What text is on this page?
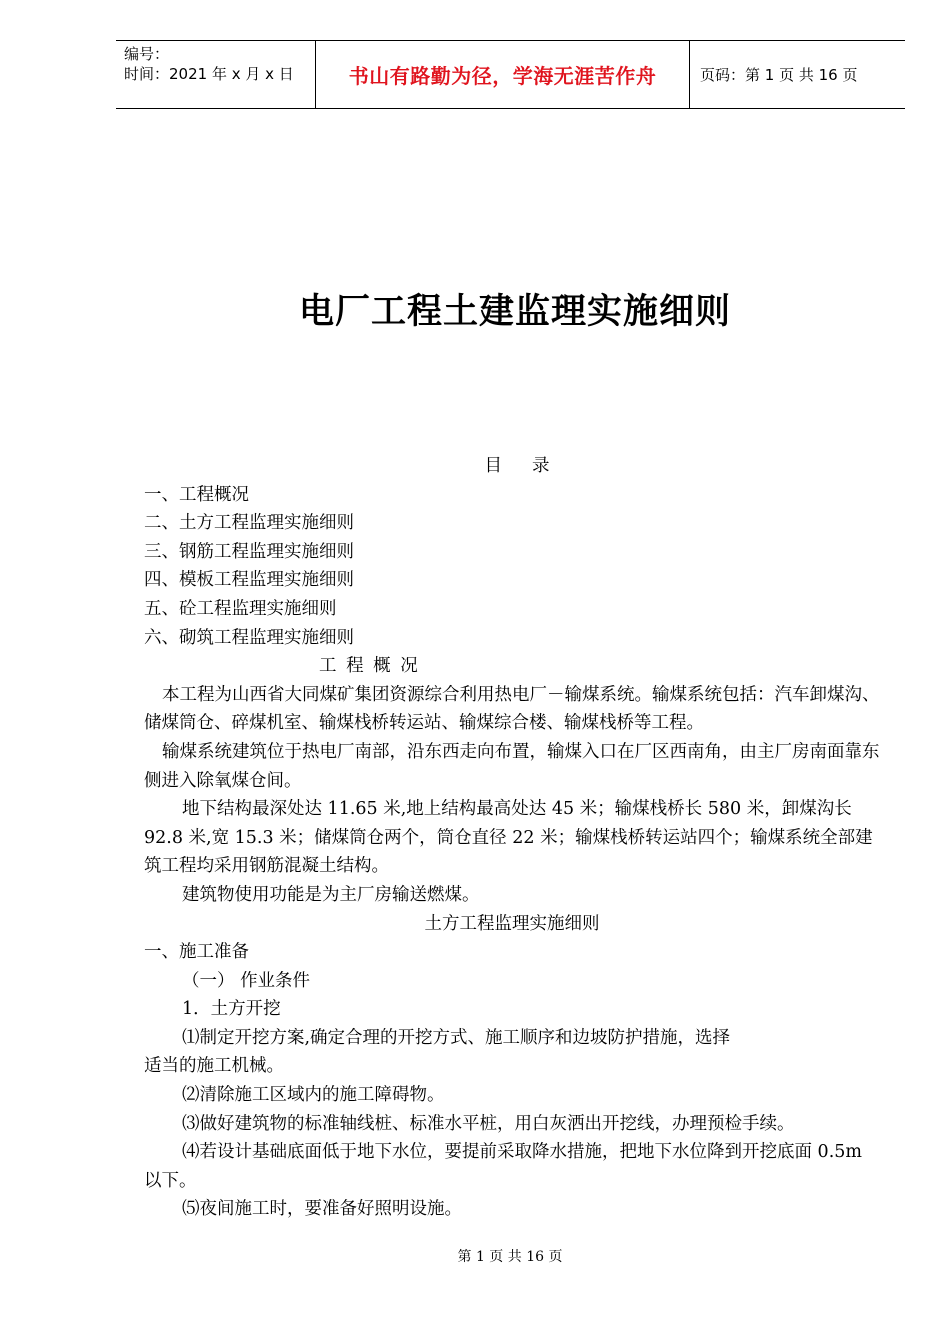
编号：
时间：2021 年 x 月 x 日	书山有路勤为径，学海无涯苦作舟	页码：第 1 页 共 16 页
电厂工程土建监理实施细则

目录

一、工程概况

二、土方工程监理实施细则

三、钢筋工程监理实施细则

四、模板工程监理实施细则

五、砼工程监理实施细则

六、砌筑工程监理实施细则

工 程 概 况

本工程为山西省大同煤矿集团资源综合利用热电厂－输煤系统。输煤系统包括：汽车卸煤沟、储煤筒仓、碎煤机室、输煤栈桥转运站、输煤综合楼、输煤栈桥等工程。

输煤系统建筑位于热电厂南部，沿东西走向布置，输煤入口在厂区西南角，由主厂房南面靠东侧进入除氧煤仓间。

地下结构最深处达 11.65 米,地上结构最高处达 45 米；输煤栈桥长 580 米，卸煤沟长 92.8 米,宽 15.3 米；储煤筒仓两个，筒仓直径 22 米；输煤栈桥转运站四个；输煤系统全部建筑工程均采用钢筋混凝土结构。

建筑物使用功能是为主厂房输送燃煤。

土方工程监理实施细则

一、施工准备

（一） 作业条件

1．土方开挖

⑴制定开挖方案,确定合理的开挖方式、施工顺序和边坡防护措施，选择

适当的施工机械。

⑵清除施工区域内的施工障碍物。

⑶做好建筑物的标准轴线桩、标准水平桩，用白灰洒出开挖线，办理预检手续。

⑷若设计基础底面低于地下水位，要提前采取降水措施，把地下水位降到开挖底面 0.5m 以下。

⑸夜间施工时，要准备好照明设施。

第 1 页 共 16 页
